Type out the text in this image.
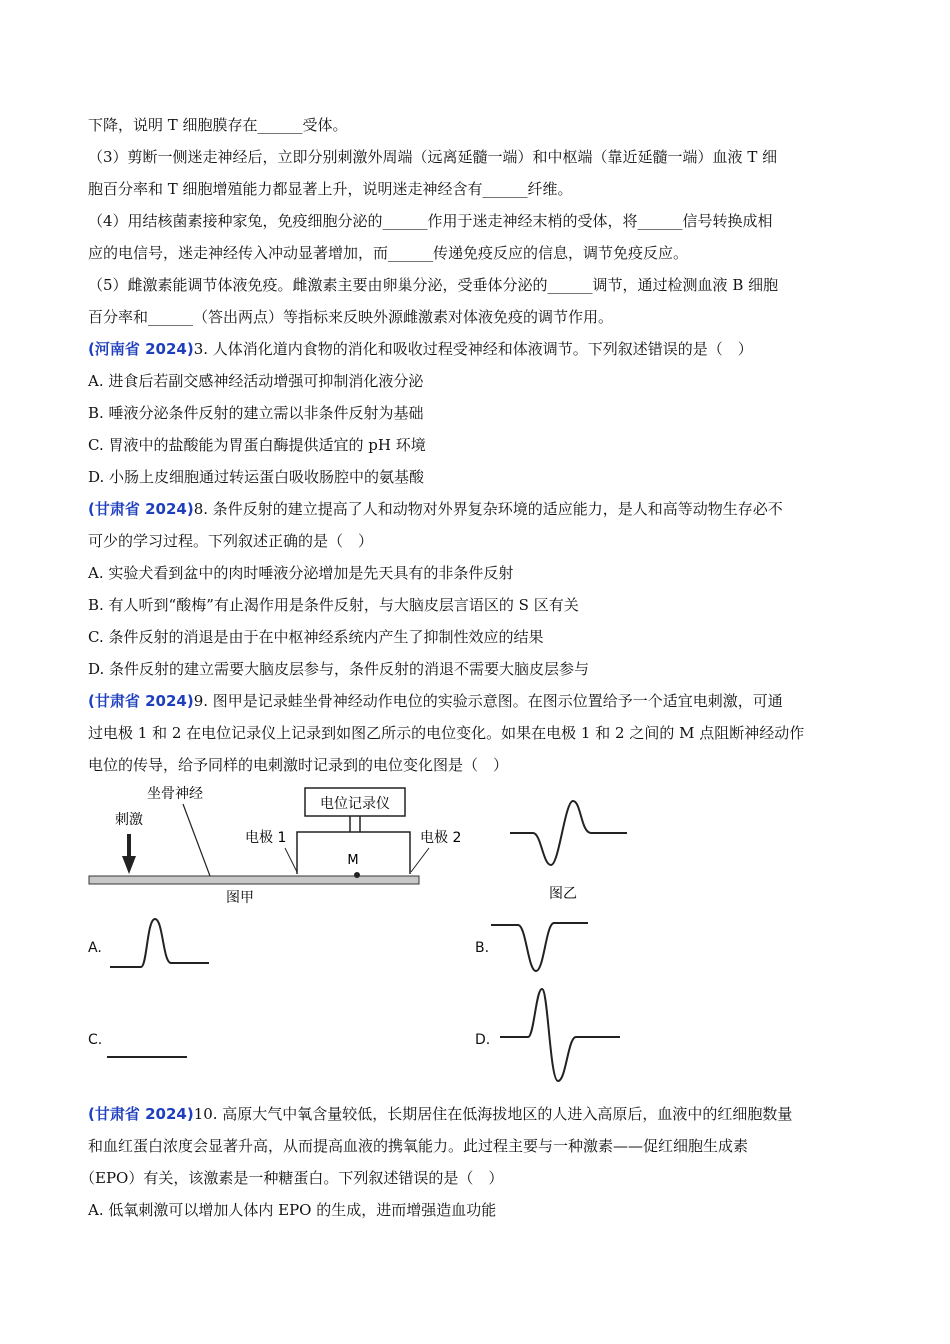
下降，说明 T 细胞膜存在______受体。
（3）剪断一侧迷走神经后，立即分别刺激外周端（远离延髓一端）和中枢端（靠近延髓一端）血液 T 细
胞百分率和 T 细胞增殖能力都显著上升，说明迷走神经含有______纤维。
（4）用结核菌素接种家兔，免疫细胞分泌的______作用于迷走神经末梢的受体，将______信号转换成相
应的电信号，迷走神经传入冲动显著增加，而______传递免疫反应的信息，调节免疫反应。
（5）雌激素能调节体液免疫。雌激素主要由卵巢分泌，受垂体分泌的______调节，通过检测血液 B 细胞
百分率和______（答出两点）等指标来反映外源雌激素对体液免疫的调节作用。
(河南省 2024)3. 人体消化道内食物的消化和吸收过程受神经和体液调节。下列叙述错误的是（　）
A. 进食后若副交感神经活动增强可抑制消化液分泌
B. 唾液分泌条件反射的建立需以非条件反射为基础
C. 胃液中的盐酸能为胃蛋白酶提供适宜的 pH 环境
D. 小肠上皮细胞通过转运蛋白吸收肠腔中的氨基酸
(甘肃省 2024)8. 条件反射的建立提高了人和动物对外界复杂环境的适应能力，是人和高等动物生存必不
可少的学习过程。下列叙述正确的是（　）
A. 实验犬看到盆中的肉时唾液分泌增加是先天具有的非条件反射
B. 有人听到“酸梅”有止渴作用是条件反射，与大脑皮层言语区的 S 区有关
C. 条件反射的消退是由于在中枢神经系统内产生了抑制性效应的结果
D. 条件反射的建立需要大脑皮层参与，条件反射的消退不需要大脑皮层参与
(甘肃省 2024)9. 图甲是记录蛙坐骨神经动作电位的实验示意图。在图示位置给予一个适宜电刺激，可通
过电极 1 和 2 在电位记录仪上记录到如图乙所示的电位变化。如果在电极 1 和 2 之间的 M 点阻断神经动作
电位的传导，给予同样的电刺激时记录到的电位变化图是（　）
坐骨神经
刺激
电位记录仪
电极 1	电极 2
M
图甲	图乙
A.	B.
C.	D.
(甘肃省 2024)10. 高原大气中氧含量较低，长期居住在低海拔地区的人进入高原后，血液中的红细胞数量
和血红蛋白浓度会显著升高，从而提高血液的携氧能力。此过程主要与一种激素——促红细胞生成素
（EPO）有关，该激素是一种糖蛋白。下列叙述错误的是（　）
A. 低氧刺激可以增加人体内 EPO 的生成，进而增强造血功能
